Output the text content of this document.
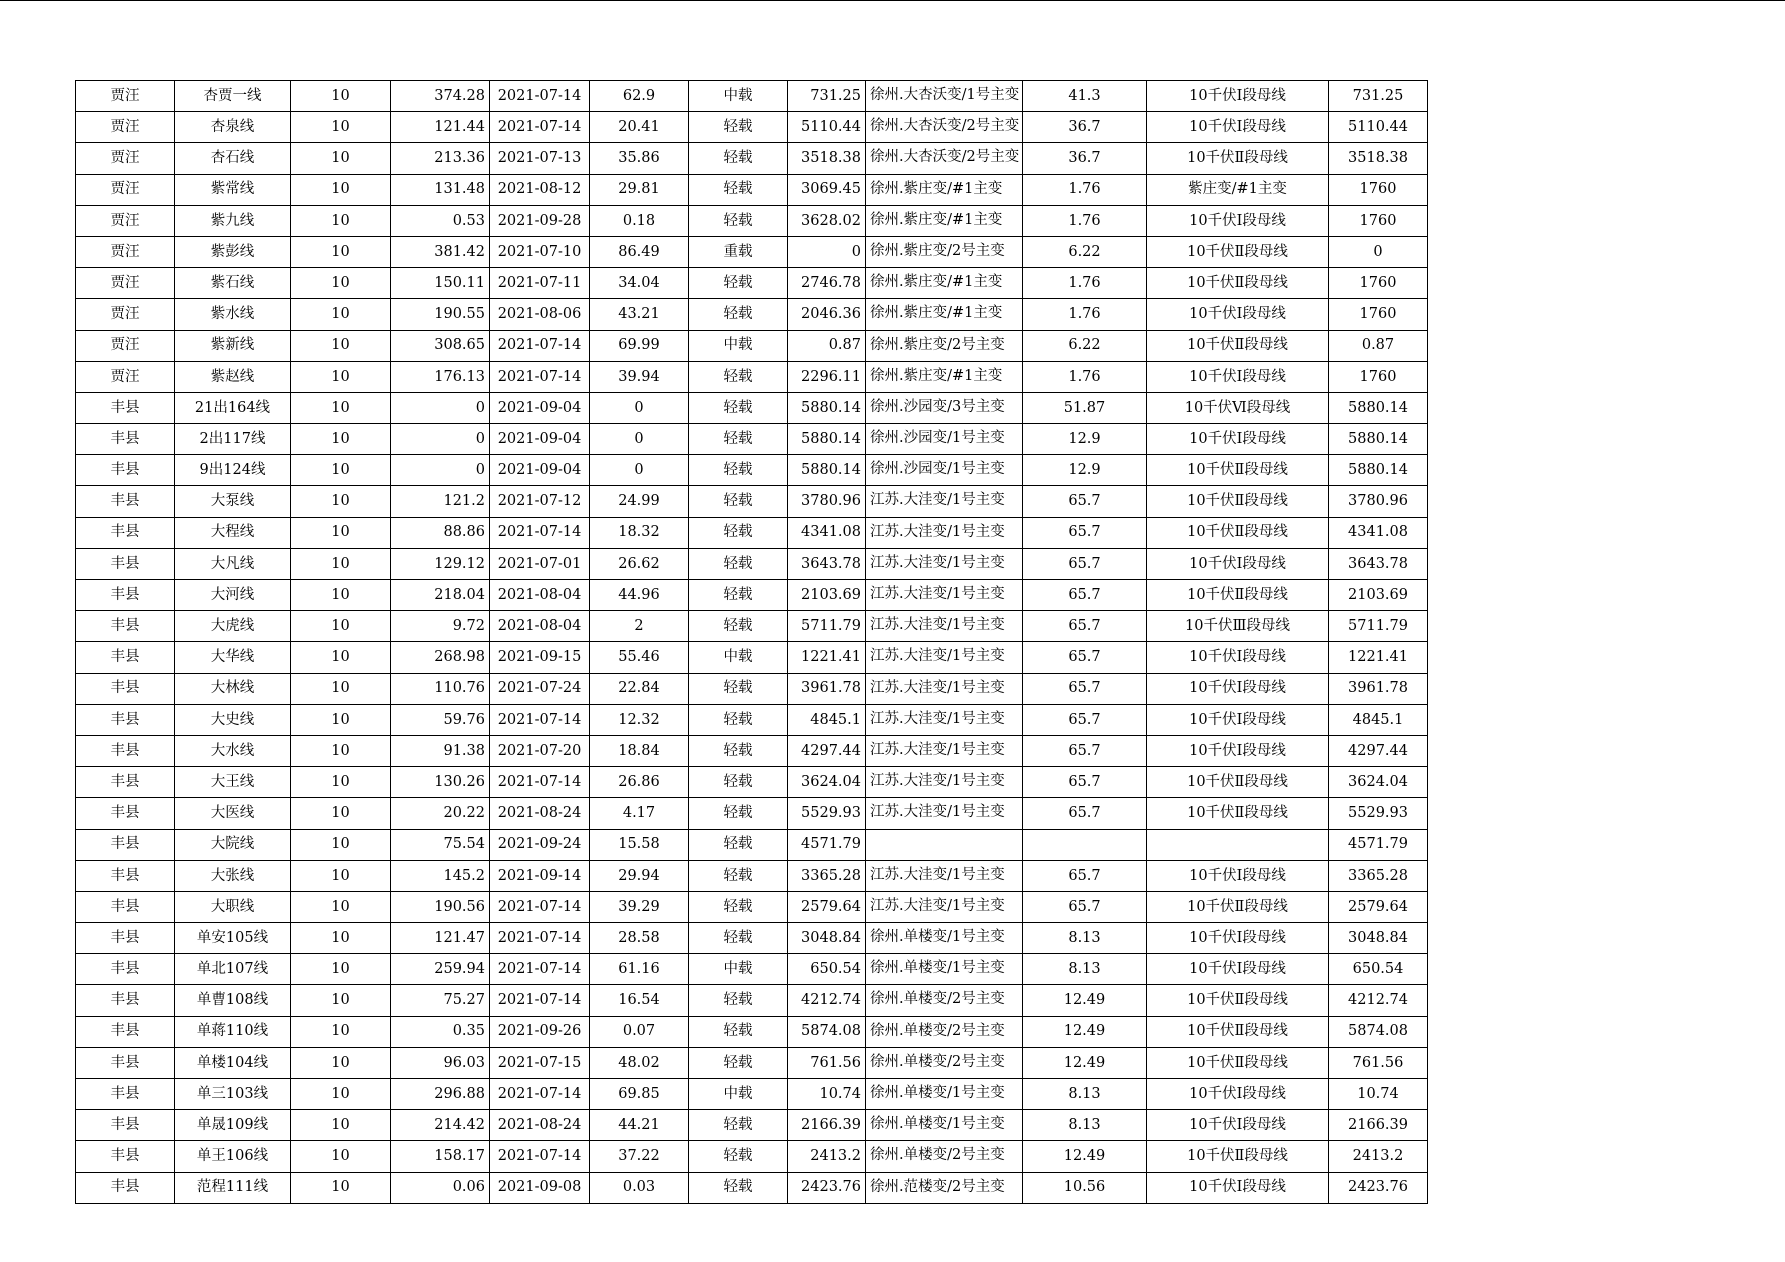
贾汪	杏贾一线	10	374.28	2021-07-14	62.9	中载	731.25	徐州.大杏沃变/1号主变	41.3	10千伏Ⅰ段母线	731.25
贾汪	杏泉线	10	121.44	2021-07-14	20.41	轻载	5110.44	徐州.大杏沃变/2号主变	36.7	10千伏Ⅰ段母线	5110.44
贾汪	杏石线	10	213.36	2021-07-13	35.86	轻载	3518.38	徐州.大杏沃变/2号主变	36.7	10千伏Ⅱ段母线	3518.38
贾汪	紫常线	10	131.48	2021-08-12	29.81	轻载	3069.45	徐州.紫庄变/#1主变	1.76	紫庄变/#1主变	1760
贾汪	紫九线	10	0.53	2021-09-28	0.18	轻载	3628.02	徐州.紫庄变/#1主变	1.76	10千伏Ⅰ段母线	1760
贾汪	紫彭线	10	381.42	2021-07-10	86.49	重载	0	徐州.紫庄变/2号主变	6.22	10千伏Ⅱ段母线	0
贾汪	紫石线	10	150.11	2021-07-11	34.04	轻载	2746.78	徐州.紫庄变/#1主变	1.76	10千伏Ⅱ段母线	1760
贾汪	紫水线	10	190.55	2021-08-06	43.21	轻载	2046.36	徐州.紫庄变/#1主变	1.76	10千伏Ⅰ段母线	1760
贾汪	紫新线	10	308.65	2021-07-14	69.99	中载	0.87	徐州.紫庄变/2号主变	6.22	10千伏Ⅱ段母线	0.87
贾汪	紫赵线	10	176.13	2021-07-14	39.94	轻载	2296.11	徐州.紫庄变/#1主变	1.76	10千伏Ⅰ段母线	1760
丰县	21出164线	10	0	2021-09-04	0	轻载	5880.14	徐州.沙园变/3号主变	51.87	10千伏Ⅵ段母线	5880.14
丰县	2出117线	10	0	2021-09-04	0	轻载	5880.14	徐州.沙园变/1号主变	12.9	10千伏Ⅰ段母线	5880.14
丰县	9出124线	10	0	2021-09-04	0	轻载	5880.14	徐州.沙园变/1号主变	12.9	10千伏Ⅱ段母线	5880.14
丰县	大泵线	10	121.2	2021-07-12	24.99	轻载	3780.96	江苏.大洼变/1号主变	65.7	10千伏Ⅱ段母线	3780.96
丰县	大程线	10	88.86	2021-07-14	18.32	轻载	4341.08	江苏.大洼变/1号主变	65.7	10千伏Ⅱ段母线	4341.08
丰县	大凡线	10	129.12	2021-07-01	26.62	轻载	3643.78	江苏.大洼变/1号主变	65.7	10千伏Ⅰ段母线	3643.78
丰县	大河线	10	218.04	2021-08-04	44.96	轻载	2103.69	江苏.大洼变/1号主变	65.7	10千伏Ⅱ段母线	2103.69
丰县	大虎线	10	9.72	2021-08-04	2	轻载	5711.79	江苏.大洼变/1号主变	65.7	10千伏Ⅲ段母线	5711.79
丰县	大华线	10	268.98	2021-09-15	55.46	中载	1221.41	江苏.大洼变/1号主变	65.7	10千伏Ⅰ段母线	1221.41
丰县	大林线	10	110.76	2021-07-24	22.84	轻载	3961.78	江苏.大洼变/1号主变	65.7	10千伏Ⅰ段母线	3961.78
丰县	大史线	10	59.76	2021-07-14	12.32	轻载	4845.1	江苏.大洼变/1号主变	65.7	10千伏Ⅰ段母线	4845.1
丰县	大水线	10	91.38	2021-07-20	18.84	轻载	4297.44	江苏.大洼变/1号主变	65.7	10千伏Ⅰ段母线	4297.44
丰县	大王线	10	130.26	2021-07-14	26.86	轻载	3624.04	江苏.大洼变/1号主变	65.7	10千伏Ⅱ段母线	3624.04
丰县	大医线	10	20.22	2021-08-24	4.17	轻载	5529.93	江苏.大洼变/1号主变	65.7	10千伏Ⅱ段母线	5529.93
丰县	大院线	10	75.54	2021-09-24	15.58	轻载	4571.79				4571.79
丰县	大张线	10	145.2	2021-09-14	29.94	轻载	3365.28	江苏.大洼变/1号主变	65.7	10千伏Ⅰ段母线	3365.28
丰县	大职线	10	190.56	2021-07-14	39.29	轻载	2579.64	江苏.大洼变/1号主变	65.7	10千伏Ⅱ段母线	2579.64
丰县	单安105线	10	121.47	2021-07-14	28.58	轻载	3048.84	徐州.单楼变/1号主变	8.13	10千伏Ⅰ段母线	3048.84
丰县	单北107线	10	259.94	2021-07-14	61.16	中载	650.54	徐州.单楼变/1号主变	8.13	10千伏Ⅰ段母线	650.54
丰县	单曹108线	10	75.27	2021-07-14	16.54	轻载	4212.74	徐州.单楼变/2号主变	12.49	10千伏Ⅱ段母线	4212.74
丰县	单蒋110线	10	0.35	2021-09-26	0.07	轻载	5874.08	徐州.单楼变/2号主变	12.49	10千伏Ⅱ段母线	5874.08
丰县	单楼104线	10	96.03	2021-07-15	48.02	轻载	761.56	徐州.单楼变/2号主变	12.49	10千伏Ⅱ段母线	761.56
丰县	单三103线	10	296.88	2021-07-14	69.85	中载	10.74	徐州.单楼变/1号主变	8.13	10千伏Ⅰ段母线	10.74
丰县	单晟109线	10	214.42	2021-08-24	44.21	轻载	2166.39	徐州.单楼变/1号主变	8.13	10千伏Ⅰ段母线	2166.39
丰县	单王106线	10	158.17	2021-07-14	37.22	轻载	2413.2	徐州.单楼变/2号主变	12.49	10千伏Ⅱ段母线	2413.2
丰县	范程111线	10	0.06	2021-09-08	0.03	轻载	2423.76	徐州.范楼变/2号主变	10.56	10千伏Ⅰ段母线	2423.76
